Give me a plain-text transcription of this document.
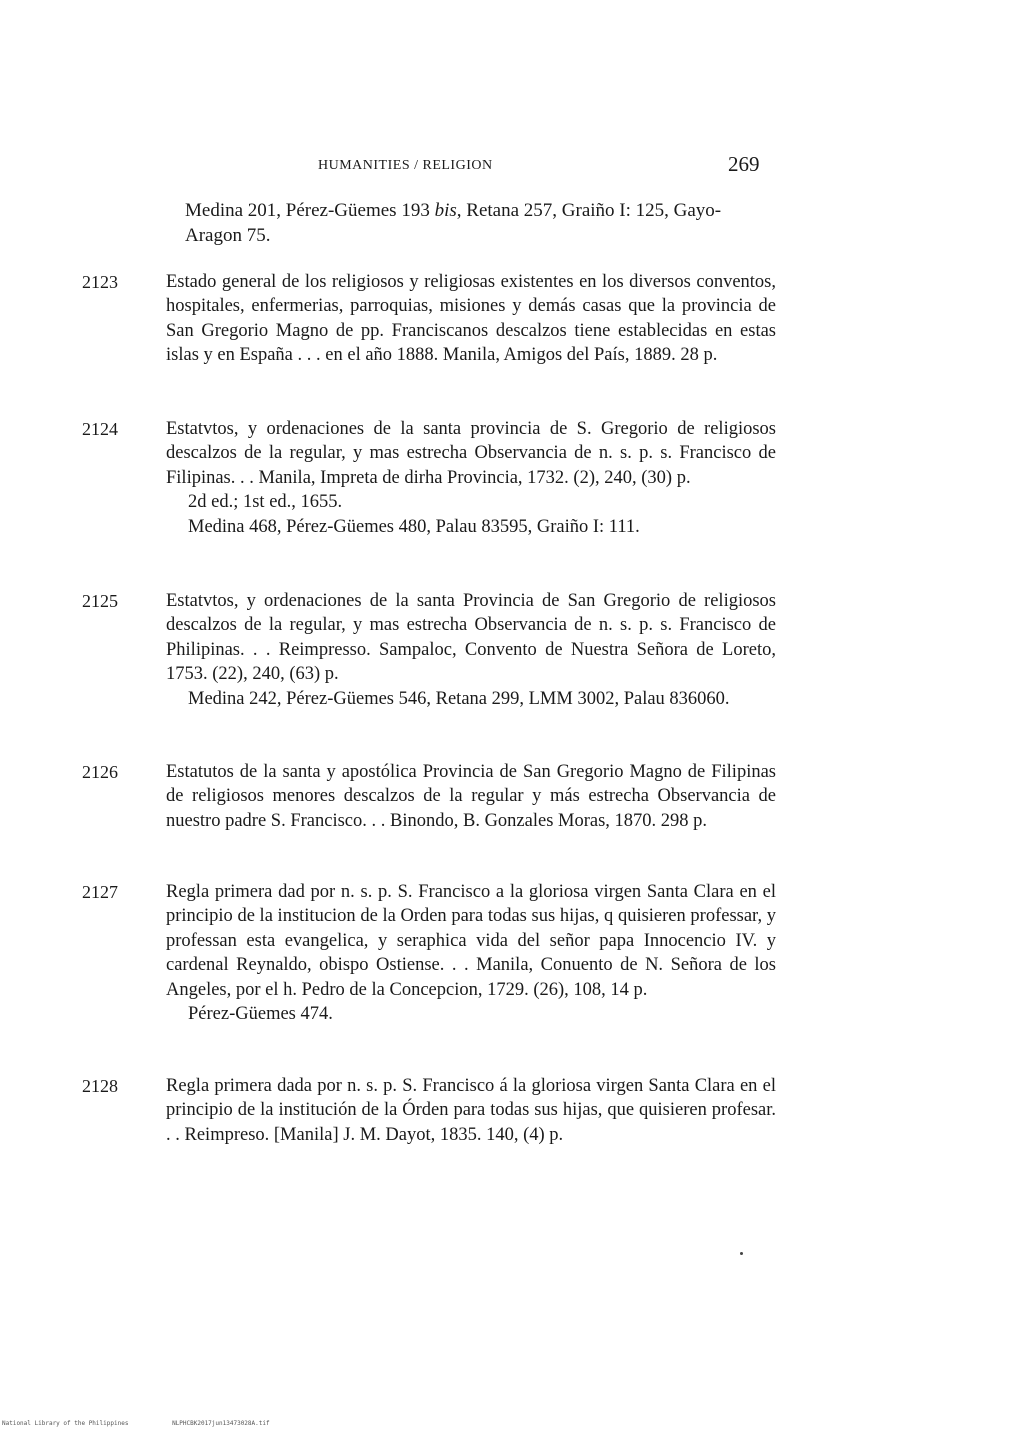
HUMANITIES / RELIGION	269
Medina 201, Pérez-Güemes 193 bis, Retana 257, Graiño I: 125, Gayo-Aragon 75.
2123	Estado general de los religiosos y religiosas existentes en los diversos conventos, hospitales, enfermerias, parroquias, misiones y demás casas que la provincia de San Gregorio Magno de pp. Franciscanos descalzos tiene establecidas en estas islas y en España . . . en el año 1888. Manila, Amigos del País, 1889. 28 p.
2124	Estatvtos, y ordenaciones de la santa provincia de S. Gregorio de religiosos descalzos de la regular, y mas estrecha Observancia de n. s. p. s. Francisco de Filipinas. . . Manila, Impreta de dirha Provincia, 1732. (2), 240, (30) p.
2d ed.; 1st ed., 1655.
Medina 468, Pérez-Güemes 480, Palau 83595, Graiño I: 111.
2125	Estatvtos, y ordenaciones de la santa Provincia de San Gregorio de religiosos descalzos de la regular, y mas estrecha Observancia de n. s. p. s. Francisco de Philipinas. . . Reimpresso. Sampaloc, Convento de Nuestra Señora de Loreto, 1753. (22), 240, (63) p.
Medina 242, Pérez-Güemes 546, Retana 299, LMM 3002, Palau 836060.
2126	Estatutos de la santa y apostólica Provincia de San Gregorio Magno de Filipinas de religiosos menores descalzos de la regular y más estrecha Observancia de nuestro padre S. Francisco. . . Binondo, B. Gonzales Moras, 1870. 298 p.
2127	Regla primera dad por n. s. p. S. Francisco a la gloriosa virgen Santa Clara en el principio de la institucion de la Orden para todas sus hijas, q quisieren professar, y professan esta evangelica, y seraphica vida del señor papa Innocencio IV. y cardenal Reynaldo, obispo Ostiense. . . Manila, Conuento de N. Señora de los Angeles, por el h. Pedro de la Concepcion, 1729. (26), 108, 14 p.
Pérez-Güemes 474.
2128	Regla primera dada por n. s. p. S. Francisco á la gloriosa virgen Santa Clara en el principio de la institución de la Órden para todas sus hijas, que quisieren profesar. . . Reimpreso. [Manila] J. M. Dayot, 1835. 140, (4) p.
National Library of the Philippines	NLPHCBK2017jun13473028A.tif
